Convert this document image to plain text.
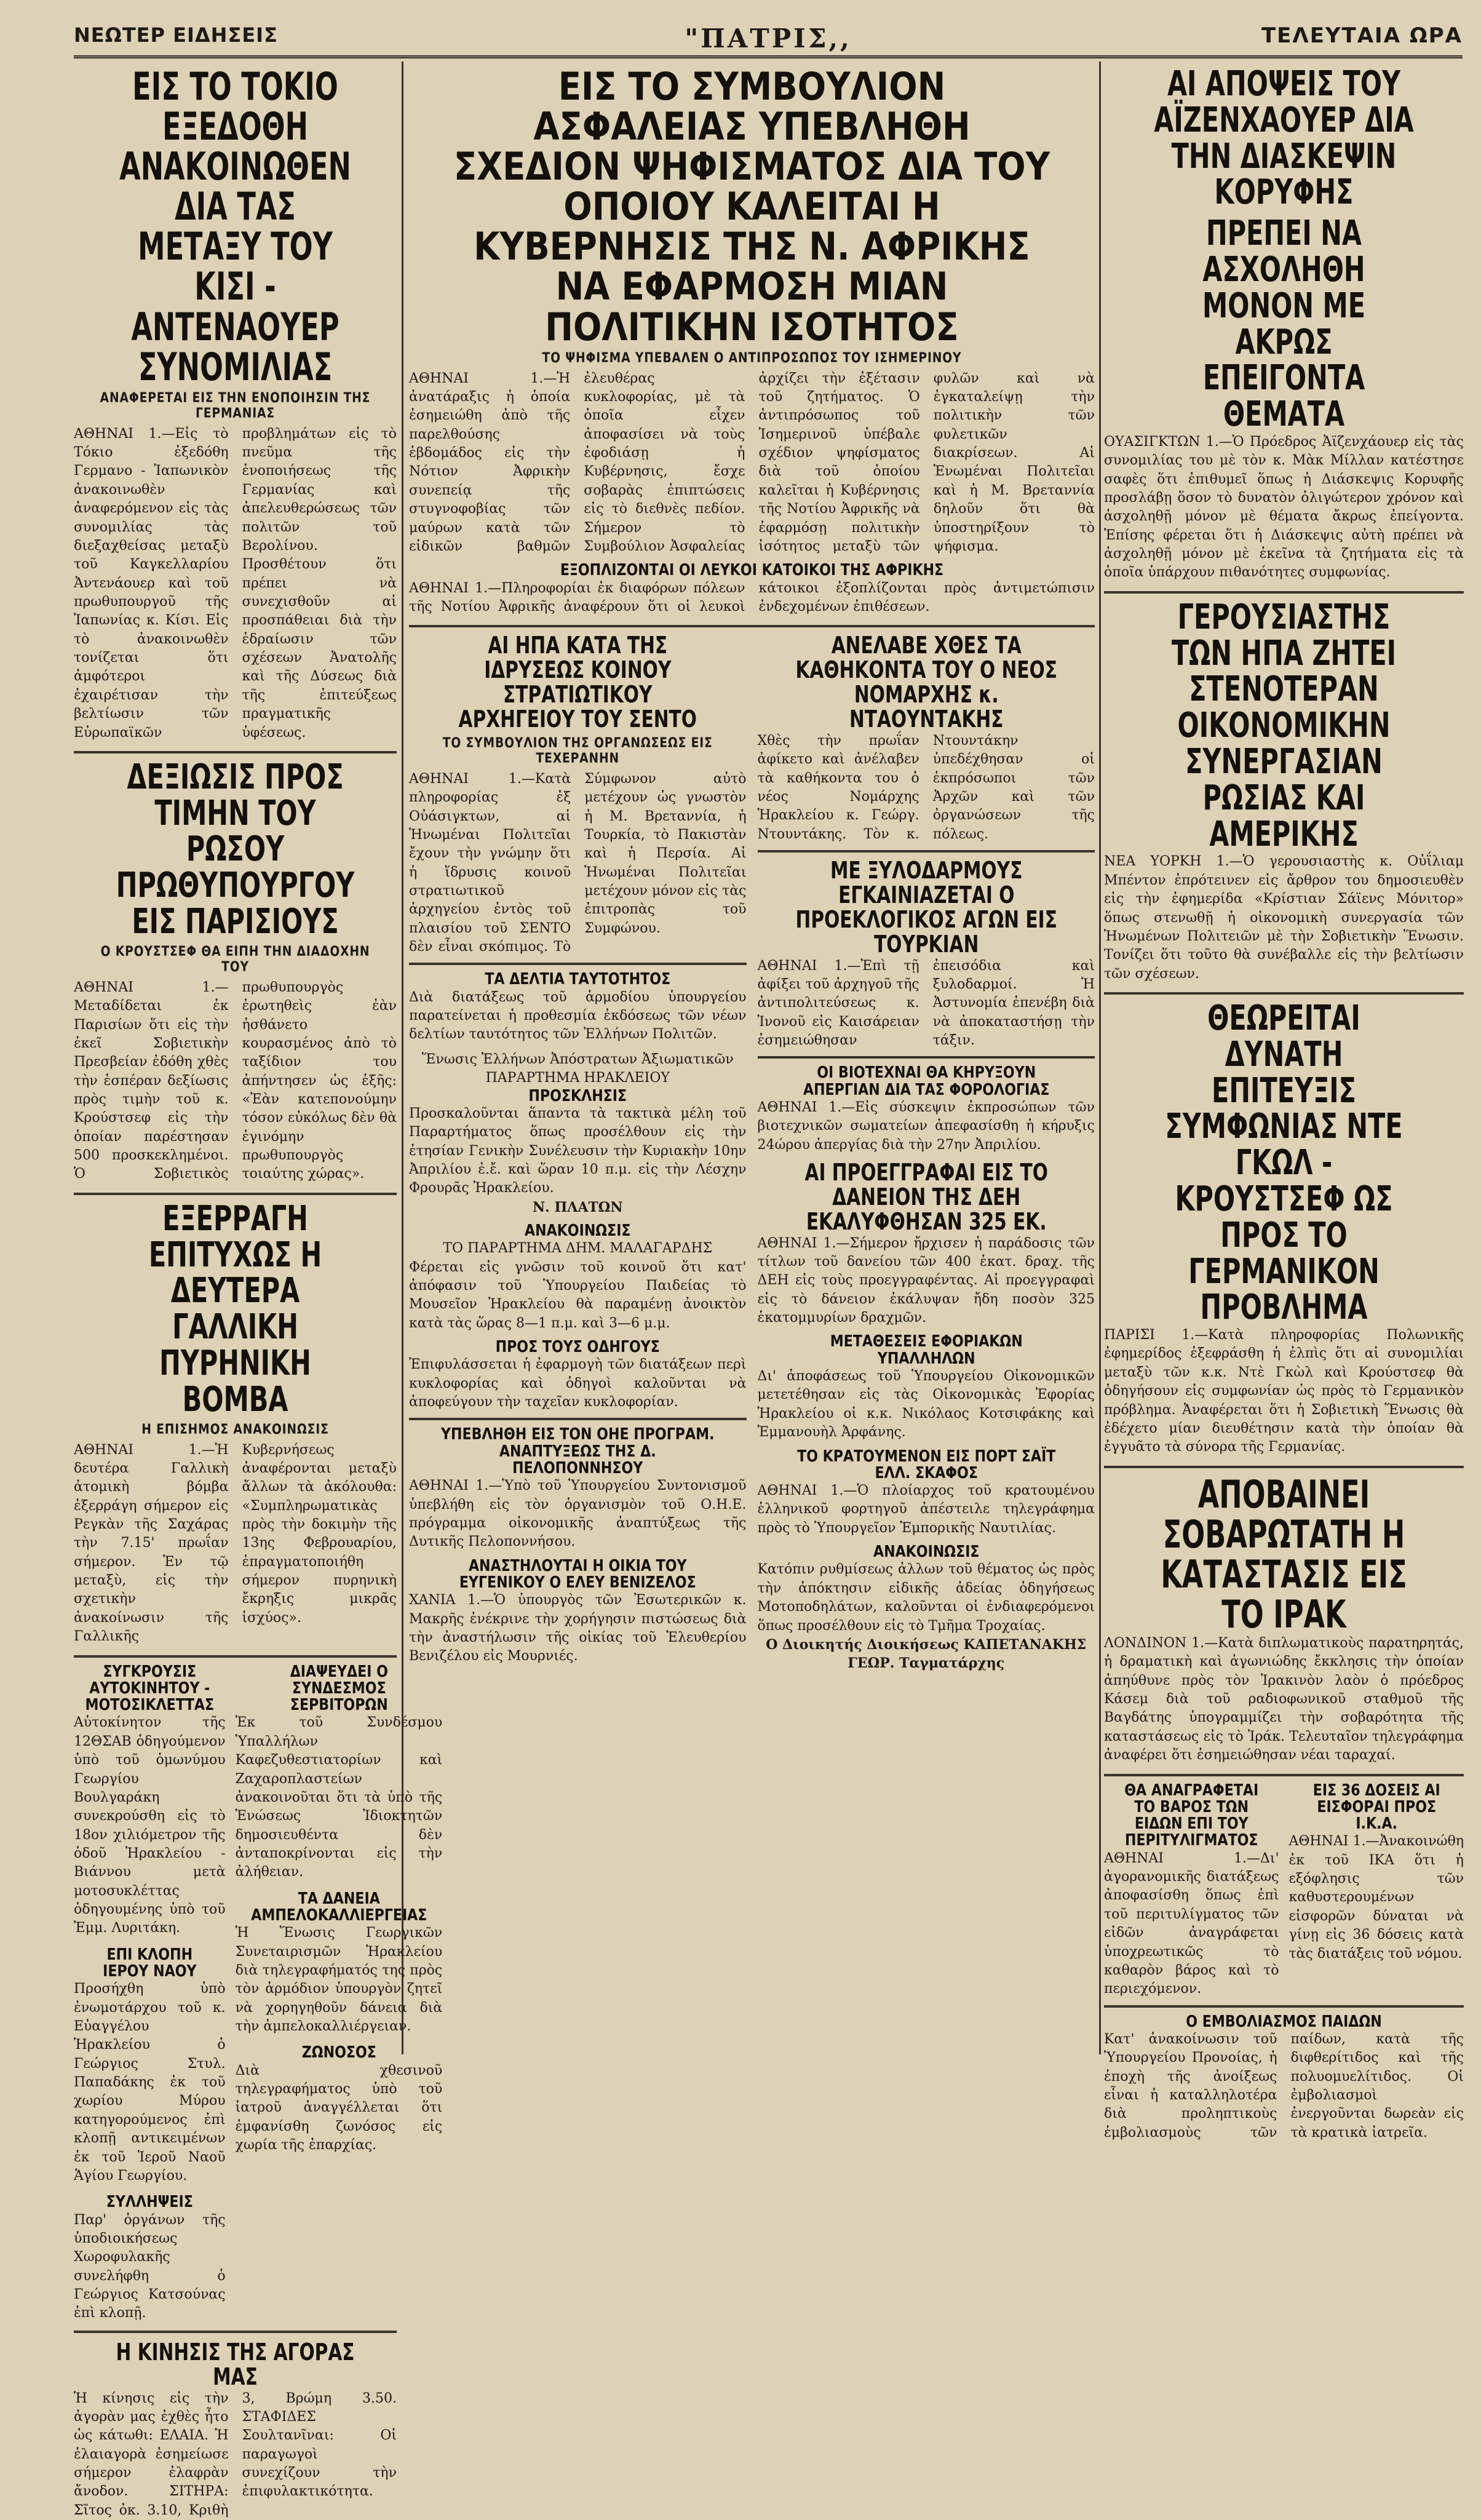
ΝΕΩΤΕΡ ΕΙΔΗΣΕΙΣ	"ΠΑΤΡΙΣ,,	ΤΕΛΕΥΤΑΙΑ ΩΡΑ

ΕΙΣ ΤΟ ΤΟΚΙΟ ΕΞΕΔΟΘΗ ΑΝΑΚΟΙΝΩΘΕΝ ΔΙΑ ΤΑΣ ΜΕΤΑΞΥ ΤΟΥ ΚΙΣΙ - ΑΝΤΕΝΑΟΥΕΡ ΣΥΝΟΜΙΛΙΑΣ

ΑΝΑΦΕΡΕΤΑΙ ΕΙΣ ΤΗΝ ΕΝΟΠΟΙΗΣΙΝ ΤΗΣ ΓΕΡΜΑΝΙΑΣ

ΑΘΗΝΑΙ 1.—Εἰς τὸ Τόκιο ἐξεδόθη Γερμανο - Ἰαπωνικὸν ἀνακοινωθὲν ἀναφερόμενον εἰς τὰς συνομιλίας τὰς διεξαχθείσας μεταξὺ τοῦ Καγκελλαρίου Ἀντενάουερ καὶ τοῦ πρωθυπουργοῦ τῆς Ἰαπωνίας κ. Κίσι. Εἰς τὸ ἀνακοινωθὲν τονίζεται ὅτι ἀμφότεροι ἐχαιρέτισαν τὴν βελτίωσιν τῶν Εὐρωπαϊκῶν προβλημάτων εἰς τὸ πνεῦμα τῆς ἑνοποιήσεως τῆς Γερμανίας καὶ ἀπελευθερώσεως τῶν πολιτῶν τοῦ Βερολίνου. Προσθέτουν ὅτι πρέπει νὰ συνεχισθοῦν αἱ προσπάθειαι διὰ τὴν ἑδραίωσιν τῶν σχέσεων Ἀνατολῆς καὶ τῆς Δύσεως διὰ τῆς ἐπιτεύξεως πραγματικῆς ὑφέσεως.

ΔΕΞΙΩΣΙΣ ΠΡΟΣ ΤΙΜΗΝ ΤΟΥ ΡΩΣΟΥ ΠΡΩΘΥΠΟΥΡΓΟΥ ΕΙΣ ΠΑΡΙΣΙΟΥΣ

Ο ΚΡΟΥΣΤΣΕΦ ΘΑ ΕΙΠΗ ΤΗΝ ΔΙΑΔΟΧΗΝ ΤΟΥ

ΑΘΗΝΑΙ 1.—Μεταδίδεται ἐκ Παρισίων ὅτι εἰς τὴν ἐκεῖ Σοβιετικὴν Πρεσβείαν ἐδόθη χθὲς τὴν ἑσπέραν δεξίωσις πρὸς τιμὴν τοῦ κ. Κρούστσεφ εἰς τὴν ὁποίαν παρέστησαν 500 προσκεκλημένοι. Ὁ Σοβιετικὸς πρωθυπουργὸς ἐρωτηθεὶς ἐὰν ἠσθάνετο κουρασμένος ἀπὸ τὸ ταξίδιον του ἀπήντησεν ὡς ἑξῆς: «Ἐὰν κατεπονούμην τόσον εὐκόλως δὲν θὰ ἐγινόμην πρωθυπουργὸς τοιαύτης χώρας».

ΕΞΕΡΡΑΓΗ ΕΠΙΤΥΧΩΣ Η ΔΕΥΤΕΡΑ ΓΑΛΛΙΚΗ ΠΥΡΗΝΙΚΗ ΒΟΜΒΑ

Η ΕΠΙΣΗΜΟΣ ΑΝΑΚΟΙΝΩΣΙΣ

ΑΘΗΝΑΙ 1.—Ἡ δευτέρα Γαλλικὴ ἀτομικὴ βόμβα ἐξερράγη σήμερον εἰς Ρεγκὰν τῆς Σαχάρας τὴν 7.15' πρωΐαν σήμερον. Ἐν τῷ μεταξὺ, εἰς τὴν σχετικὴν ἀνακοίνωσιν τῆς Γαλλικῆς Κυβερνήσεως ἀναφέρονται μεταξὺ ἄλλων τὰ ἀκόλουθα: «Συμπληρωματικὰς πρὸς τὴν δοκιμὴν τῆς 13ης Φεβρουαρίου, ἐπραγματοποιήθη σήμερον πυρηνικὴ ἔκρηξις μικρᾶς ἰσχύος».

ΣΥΓΚΡΟΥΣΙΣ ΑΥΤΟΚΙΝΗΤΟΥ - ΜΟΤΟΣΙΚΛΕΤΤΑΣ

Αὐτοκίνητον τῆς 12ΘΣΑΒ ὁδηγούμενον ὑπὸ τοῦ ὁμωνύμου Γεωργίου Βουλγαράκη συνεκρούσθη εἰς τὸ 18ον χιλιόμετρον τῆς ὁδοῦ Ἡρακλείου - Βιάννου μετὰ μοτοσυκλέττας ὁδηγουμένης ὑπὸ τοῦ Ἐμμ. Λυριτάκη.

ΕΠΙ ΚΛΟΠΗ ΙΕΡΟΥ ΝΑΟΥ

Προσήχθη ὑπὸ ἐνωμοτάρχου τοῦ κ. Εὐαγγέλου Ἡρακλείου ὁ Γεώργιος Στυλ. Παπαδάκης ἐκ τοῦ χωρίου Μύρου κατηγορούμενος ἐπὶ κλοπῇ αντικειμένων ἐκ τοῦ Ἱεροῦ Ναοῦ Ἁγίου Γεωργίου.

ΣΥΛΛΗΨΕΙΣ

Παρ' ὀργάνων τῆς ὑποδιοικήσεως Χωροφυλακῆς συνελήφθη ὁ Γεώργιος Κατσούνας ἐπὶ κλοπῇ.

ΔΙΑΨΕΥΔΕΙ Ο ΣΥΝΔΕΣΜΟΣ ΣΕΡΒΙΤΟΡΩΝ

Ἐκ τοῦ Συνδέσμου Ὑπαλλήλων Καφεζυθεστιατορίων καὶ Ζαχαροπλαστείων ἀνακοινοῦται ὅτι τὰ ὑπὸ τῆς Ἑνώσεως Ἱδιοκτητῶν δημοσιευθέντα δὲν ἀνταποκρίνονται εἰς τὴν ἀλήθειαν.

ΤΑ ΔΑΝΕΙΑ ΑΜΠΕΛΟΚΑΛΛΙΕΡΓΕΙΑΣ

Ἡ Ἕνωσις Γεωργικῶν Συνεταιρισμῶν Ἡρακλείου διὰ τηλεγραφήματός της πρὸς τὸν ἁρμόδιον ὑπουργὸν ζητεῖ νὰ χορηγηθοῦν δάνεια διὰ τὴν ἀμπελοκαλλιέργειαν.

ΖΩΝΟΣΟΣ

Διὰ χθεσινοῦ τηλεγραφήματος ὑπὸ τοῦ ἰατροῦ ἀναγγέλλεται ὅτι ἐμφανίσθη ζωνόσος εἰς χωρία τῆς ἐπαρχίας.

Η ΚΙΝΗΣΙΣ ΤΗΣ ΑΓΟΡΑΣ ΜΑΣ

Ἡ κίνησις εἰς τὴν ἀγορὰν μας ἐχθὲς ἦτο ὡς κάτωθι: ΕΛΑΙΑ. Ἡ ἐλαιαγορὰ ἐσημείωσε σήμερον ἐλαφρὰν ἄνοδον. ΣΙΤΗΡΑ: Σῖτος ὀκ. 3.10, Κριθὴ 3, Βρώμη 3.50. ΣΤΑΦΙΔΕΣ Σουλτανῖναι: Οἱ παραγωγοὶ συνεχίζουν τὴν ἐπιφυλακτικότητα.

ΕΙΣ ΤΟ ΣΥΜΒΟΥΛΙΟΝ ΑΣΦΑΛΕΙΑΣ ΥΠΕΒΛΗΘΗ ΣΧΕΔΙΟΝ ΨΗΦΙΣΜΑΤΟΣ ΔΙΑ ΤΟΥ ΟΠΟΙΟΥ ΚΑΛΕΙΤΑΙ Η ΚΥΒΕΡΝΗΣΙΣ ΤΗΣ Ν. ΑΦΡΙΚΗΣ ΝΑ ΕΦΑΡΜΟΣΗ ΜΙΑΝ ΠΟΛΙΤΙΚΗΝ ΙΣΟΤΗΤΟΣ

ΤΟ ΨΗΦΙΣΜΑ ΥΠΕΒΑΛΕΝ Ο ΑΝΤΙΠΡΟΣΩΠΟΣ ΤΟΥ ΙΣΗΜΕΡΙΝΟΥ

ΑΘΗΝΑΙ 1.—Ἡ ἀνατάραξις ἡ ὁποία ἐσημειώθη ἀπὸ τῆς παρελθούσης ἑβδομάδος εἰς τὴν Νότιον Ἀφρικὴν συνεπείᾳ τῆς στυγνοφοβίας τῶν μαύρων κατὰ τῶν εἰδικῶν βαθμῶν ἐλευθέρας κυκλοφορίας, μὲ τὰ ὁποῖα εἶχεν ἀποφασίσει νὰ τοὺς ἐφοδιάσῃ ἡ Κυβέρνησις, ἔσχε σοβαρὰς ἐπιπτώσεις εἰς τὸ διεθνὲς πεδίον. Σήμερον τὸ Συμβούλιον Ἀσφαλείας ἀρχίζει τὴν ἐξέτασιν τοῦ ζητήματος. Ὁ ἀντιπρόσωπος τοῦ Ἰσημερινοῦ ὑπέβαλε σχέδιον ψηφίσματος διὰ τοῦ ὁποίου καλεῖται ἡ Κυβέρνησις τῆς Νοτίου Ἀφρικῆς νὰ ἐφαρμόσῃ πολιτικὴν ἰσότητος μεταξὺ τῶν φυλῶν καὶ νὰ ἐγκαταλείψῃ τὴν πολιτικὴν τῶν φυλετικῶν διακρίσεων. Αἱ Ἑνωμέναι Πολιτεῖαι καὶ ἡ Μ. Βρεταννία δηλοῦν ὅτι θὰ ὑποστηρίξουν τὸ ψήφισμα.

ΕΞΟΠΛΙΖΟΝΤΑΙ ΟΙ ΛΕΥΚΟΙ ΚΑΤΟΙΚΟΙ ΤΗΣ ΑΦΡΙΚΗΣ

ΑΘΗΝΑΙ 1.—Πληροφορίαι ἐκ διαφόρων πόλεων τῆς Νοτίου Ἀφρικῆς ἀναφέρουν ὅτι οἱ λευκοὶ κάτοικοι ἐξοπλίζονται πρὸς ἀντιμετώπισιν ἐνδεχομένων ἐπιθέσεων.

ΑΙ ΗΠΑ ΚΑΤΑ ΤΗΣ ΙΔΡΥΣΕΩΣ ΚΟΙΝΟΥ ΣΤΡΑΤΙΩΤΙΚΟΥ ΑΡΧΗΓΕΙΟΥ ΤΟΥ ΣΕΝΤΟ

ΤΟ ΣΥΜΒΟΥΛΙΟΝ ΤΗΣ ΟΡΓΑΝΩΣΕΩΣ ΕΙΣ ΤΕΧΕΡΑΝΗΝ

ΑΘΗΝΑΙ 1.—Κατὰ πληροφορίας ἐξ Οὐάσιγκτων, αἱ Ἡνωμέναι Πολιτεῖαι ἔχουν τὴν γνώμην ὅτι ἡ ἵδρυσις κοινοῦ στρατιωτικοῦ ἀρχηγείου ἐντὸς τοῦ πλαισίου τοῦ ΣΕΝΤΟ δὲν εἶναι σκόπιμος. Τὸ Σύμφωνον αὐτὸ μετέχουν ὡς γνωστὸν ἡ Μ. Βρεταννία, ἡ Τουρκία, τὸ Πακιστὰν καὶ ἡ Περσία. Αἱ Ἡνωμέναι Πολιτεῖαι μετέχουν μόνον εἰς τὰς ἐπιτροπὰς τοῦ Συμφώνου.

ΤΑ ΔΕΛΤΙΑ ΤΑΥΤΟΤΗΤΟΣ

Διὰ διατάξεως τοῦ ἁρμοδίου ὑπουργείου παρατείνεται ἡ προθεσμία ἐκδόσεως τῶν νέων δελτίων ταυτότητος τῶν Ἑλλήνων Πολιτῶν.

Ἕνωσις Ἑλλήνων Ἀπόστρατων Ἀξιωματικῶν ΠΑΡΑΡΤΗΜΑ ΗΡΑΚΛΕΙΟΥ

ΠΡΟΣΚΛΗΣΙΣ

Προσκαλοῦνται ἅπαντα τὰ τακτικὰ μέλη τοῦ Παραρτήματος ὅπως προσέλθουν εἰς τὴν ἐτησίαν Γενικὴν Συνέλευσιν τὴν Κυριακὴν 10ην Ἀπριλίου ἐ.ἔ. καὶ ὥραν 10 π.μ. εἰς τὴν Λέσχην Φρουρᾶς Ἡρακλείου.

Ν. ΠΛΑΤΩΝ

ΑΝΑΚΟΙΝΩΣΙΣ

ΤΟ ΠΑΡΑΡΤΗΜΑ ΔΗΜ. ΜΑΛΑΓΑΡΔΗΣ

Φέρεται εἰς γνῶσιν τοῦ κοινοῦ ὅτι κατ' ἀπόφασιν τοῦ Ὑπουργείου Παιδείας τὸ Μουσεῖον Ἡρακλείου θὰ παραμένῃ ἀνοικτὸν κατὰ τὰς ὥρας 8—1 π.μ. καὶ 3—6 μ.μ.

ΠΡΟΣ ΤΟΥΣ ΟΔΗΓΟΥΣ

Ἐπιφυλάσσεται ἡ ἐφαρμογὴ τῶν διατάξεων περὶ κυκλοφορίας καὶ ὁδηγοὶ καλοῦνται νὰ ἀποφεύγουν τὴν ταχεῖαν κυκλοφορίαν.

ΥΠΕΒΛΗΘΗ ΕΙΣ ΤΟΝ ΟΗΕ ΠΡΟΓΡΑΜ. ΑΝΑΠΤΥΞΕΩΣ ΤΗΣ Δ. ΠΕΛΟΠΟΝΝΗΣΟΥ

ΑΘΗΝΑΙ 1.—Ὑπὸ τοῦ Ὑπουργείου Συντονισμοῦ ὑπεβλήθη εἰς τὸν ὀργανισμὸν τοῦ Ο.Η.Ε. πρόγραμμα οἰκονομικῆς ἀναπτύξεως τῆς Δυτικῆς Πελοποννήσου.

ΑΝΑΣΤΗΛΟΥΤΑΙ Η ΟΙΚΙΑ ΤΟΥ ΕΥΓΕΝΙΚΟΥ Ο ΕΛΕΥ ΒΕΝΙΖΕΛΟΣ

ΧΑΝΙΑ 1.—Ὁ ὑπουργὸς τῶν Ἐσωτερικῶν κ. Μακρῆς ἐνέκρινε τὴν χορήγησιν πιστώσεως διὰ τὴν ἀναστήλωσιν τῆς οἰκίας τοῦ Ἐλευθερίου Βενιζέλου εἰς Μουρνιές.

ΑΝΕΛΑΒΕ ΧΘΕΣ ΤΑ ΚΑΘΗΚΟΝΤΑ ΤΟΥ Ο ΝΕΟΣ ΝΟΜΑΡΧΗΣ κ. ΝΤΑΟΥΝΤΑΚΗΣ

Χθὲς τὴν πρωΐαν ἀφίκετο καὶ ἀνέλαβεν τὰ καθήκοντα του ὁ νέος Νομάρχης Ἡρακλείου κ. Γεώργ. Ντουντάκης. Τὸν κ. Ντουντάκην ὑπεδέχθησαν οἱ ἐκπρόσωποι τῶν Ἀρχῶν καὶ τῶν ὀργανώσεων τῆς πόλεως.

ΜΕ ΞΥΛΟΔΑΡΜΟΥΣ ΕΓΚΑΙΝΙΑΖΕΤΑΙ Ο ΠΡΟΕΚΛΟΓΙΚΟΣ ΑΓΩΝ ΕΙΣ ΤΟΥΡΚΙΑΝ

ΑΘΗΝΑΙ 1.—Ἐπὶ τῇ ἀφίξει τοῦ ἀρχηγοῦ τῆς ἀντιπολιτεύσεως κ. Ἰνονοῦ εἰς Καισάρειαν ἐσημειώθησαν ἐπεισόδια καὶ ξυλοδαρμοί. Ἡ Ἀστυνομία ἐπενέβη διὰ νὰ ἀποκαταστήσῃ τὴν τάξιν.

ΟΙ ΒΙΟΤΕΧΝΑΙ ΘΑ ΚΗΡΥΞΟΥΝ ΑΠΕΡΓΙΑΝ ΔΙΑ ΤΑΣ ΦΟΡΟΛΟΓΙΑΣ

ΑΘΗΝΑΙ 1.—Εἰς σύσκεψιν ἐκπροσώπων τῶν βιοτεχνικῶν σωματείων ἀπεφασίσθη ἡ κήρυξις 24ώρου ἀπεργίας διὰ τὴν 27ην Ἀπριλίου.

ΑΙ ΠΡΟΕΓΓΡΑΦΑΙ ΕΙΣ ΤΟ ΔΑΝΕΙΟΝ ΤΗΣ ΔΕΗ ΕΚΑΛΥΦΘΗΣΑΝ 325 ΕΚ.

ΑΘΗΝΑΙ 1.—Σήμερον ἤρχισεν ἡ παράδοσις τῶν τίτλων τοῦ δανείου τῶν 400 ἑκατ. δραχ. τῆς ΔΕΗ εἰς τοὺς προεγγραφέντας. Αἱ προεγγραφαὶ εἰς τὸ δάνειον ἐκάλυψαν ἤδη ποσὸν 325 ἑκατομμυρίων δραχμῶν.

ΜΕΤΑΘΕΣΕΙΣ ΕΦΟΡΙΑΚΩΝ ΥΠΑΛΛΗΛΩΝ

Δι' ἀποφάσεως τοῦ Ὑπουργείου Οἰκονομικῶν μετετέθησαν εἰς τὰς Οἰκονομικὰς Ἐφορίας Ἡρακλείου οἱ κ.κ. Νικόλαος Κοτσιφάκης καὶ Ἐμμανουὴλ Ἀρφάνης.

ΤΟ ΚΡΑΤΟΥΜΕΝΟΝ ΕΙΣ ΠΟΡΤ ΣΑΪΤ ΕΛΛ. ΣΚΑΦΟΣ

ΑΘΗΝΑΙ 1.—Ὁ πλοίαρχος τοῦ κρατουμένου ἑλληνικοῦ φορτηγοῦ ἀπέστειλε τηλεγράφημα πρὸς τὸ Ὑπουργεῖον Ἐμπορικῆς Ναυτιλίας.

ΑΝΑΚΟΙΝΩΣΙΣ

Κατόπιν ρυθμίσεως ἀλλων τοῦ θέματος ὡς πρὸς τὴν ἀπόκτησιν εἰδικῆς ἀδείας ὁδηγήσεως Μοτοποδηλάτων, καλοῦνται οἱ ἐνδιαφερόμενοι ὅπως προσέλθουν εἰς τὸ Τμῆμα Τροχαίας.

Ο Διοικητής Διοικήσεως ΚΑΠΕΤΑΝΑΚΗΣ ΓΕΩΡ. Ταγματάρχης

ΑΙ ΑΠΟΨΕΙΣ ΤΟΥ ΑΪΖΕΝΧΑΟΥΕΡ ΔΙΑ ΤΗΝ ΔΙΑΣΚΕΨΙΝ ΚΟΡΥΦΗΣ

ΠΡΕΠΕΙ ΝΑ ΑΣΧΟΛΗΘΗ ΜΟΝΟΝ ΜΕ ΑΚΡΩΣ ΕΠΕΙΓΟΝΤΑ ΘΕΜΑΤΑ

ΟΥΑΣΙΓΚΤΩΝ 1.—Ὁ Πρόεδρος Ἀϊζενχάουερ εἰς τὰς συνομιλίας του μὲ τὸν κ. Μὰκ Μίλλαν κατέστησε σαφὲς ὅτι ἐπιθυμεῖ ὅπως ἡ Διάσκεψις Κορυφῆς προσλάβῃ ὅσον τὸ δυνατὸν ὀλιγώτερον χρόνον καὶ ἀσχοληθῇ μόνον μὲ θέματα ἄκρως ἐπείγοντα. Ἐπίσης φέρεται ὅτι ἡ Διάσκεψις αὐτὴ πρέπει νὰ ἀσχοληθῇ μόνον μὲ ἐκεῖνα τὰ ζητήματα εἰς τὰ ὁποῖα ὑπάρχουν πιθανότητες συμφωνίας.

ΓΕΡΟΥΣΙΑΣΤΗΣ ΤΩΝ ΗΠΑ ΖΗΤΕΙ ΣΤΕΝΟΤΕΡΑΝ ΟΙΚΟΝΟΜΙΚΗΝ ΣΥΝΕΡΓΑΣΙΑΝ ΡΩΣΙΑΣ ΚΑΙ ΑΜΕΡΙΚΗΣ

ΝΕΑ ΥΟΡΚΗ 1.—Ὁ γερουσιαστὴς κ. Οὐΐλιαμ Μπέντον ἐπρότεινεν εἰς ἄρθρον του δημοσιευθὲν εἰς τὴν ἐφημερίδα «Κρίστιαν Σάϊενς Μόνιτορ» ὅπως στενωθῇ ἡ οἰκονομικὴ συνεργασία τῶν Ἡνωμένων Πολιτειῶν μὲ τὴν Σοβιετικὴν Ἕνωσιν. Τονίζει ὅτι τοῦτο θὰ συνέβαλλε εἰς τὴν βελτίωσιν τῶν σχέσεων.

ΘΕΩΡΕΙΤΑΙ ΔΥΝΑΤΗ ΕΠΙΤΕΥΞΙΣ ΣΥΜΦΩΝΙΑΣ ΝΤΕ ΓΚΩΛ - ΚΡΟΥΣΤΣΕΦ ΩΣ ΠΡΟΣ ΤΟ ΓΕΡΜΑΝΙΚΟΝ ΠΡΟΒΛΗΜΑ

ΠΑΡΙΣΙ 1.—Κατὰ πληροφορίας Πολωνικῆς ἐφημερίδος ἐξεφράσθη ἡ ἐλπὶς ὅτι αἱ συνομιλίαι μεταξὺ τῶν κ.κ. Ντὲ Γκὼλ καὶ Κρούστσεφ θὰ ὁδηγήσουν εἰς συμφωνίαν ὡς πρὸς τὸ Γερμανικὸν πρόβλημα. Ἀναφέρεται ὅτι ἡ Σοβιετικὴ Ἕνωσις θὰ ἐδέχετο μίαν διευθέτησιν κατὰ τὴν ὁποίαν θὰ ἐγγυᾶτο τὰ σύνορα τῆς Γερμανίας.

ΑΠΟΒΑΙΝΕΙ ΣΟΒΑΡΩΤΑΤΗ Η ΚΑΤΑΣΤΑΣΙΣ ΕΙΣ ΤΟ ΙΡΑΚ

ΛΟΝΔΙΝΟΝ 1.—Κατὰ διπλωματικοὺς παρατηρητάς, ἡ δραματικὴ καὶ ἀγωνιώδης ἔκκλησις τὴν ὁποίαν ἀπηύθυνε πρὸς τὸν Ἰρακινὸν λαὸν ὁ πρόεδρος Κάσεμ διὰ τοῦ ραδιοφωνικοῦ σταθμοῦ τῆς Βαγδάτης ὑπογραμμίζει τὴν σοβαρότητα τῆς καταστάσεως εἰς τὸ Ἰράκ. Τελευταῖον τηλεγράφημα ἀναφέρει ὅτι ἐσημειώθησαν νέαι ταραχαί.

ΘΑ ΑΝΑΓΡΑΦΕΤΑΙ ΤΟ ΒΑΡΟΣ ΤΩΝ ΕΙΔΩΝ ΕΠΙ ΤΟΥ ΠΕΡΙΤΥΛΙΓΜΑΤΟΣ

ΑΘΗΝΑΙ 1.—Δι' ἀγορανομικῆς διατάξεως ἀποφασίσθη ὅπως ἐπὶ τοῦ περιτυλίγματος τῶν εἰδῶν ἀναγράφεται ὑποχρεωτικῶς τὸ καθαρὸν βάρος καὶ τὸ περιεχόμενον.

ΕΙΣ 36 ΔΟΣΕΙΣ ΑΙ ΕΙΣΦΟΡΑΙ ΠΡΟΣ Ι.Κ.Α.

ΑΘΗΝΑΙ 1.—Ἀνακοινώθη ἐκ τοῦ ΙΚΑ ὅτι ἡ εξόφλησις τῶν καθυστερουμένων εἰσφορῶν δύναται νὰ γίνῃ εἰς 36 δόσεις κατὰ τὰς διατάξεις τοῦ νόμου.

Ο ΕΜΒΟΛΙΑΣΜΟΣ ΠΑΙΔΩΝ

Κατ' ἀνακοίνωσιν τοῦ Ὑπουργείου Προνοίας, ἡ ἐποχὴ τῆς ἀνοίξεως εἶναι ἡ καταλληλοτέρα διὰ προληπτικοὺς ἐμβολιασμοὺς τῶν παίδων, κατὰ τῆς διφθερίτιδος καὶ τῆς πολυομυελίτιδος. Οἱ ἐμβολιασμοὶ ἐνεργοῦνται δωρεὰν εἰς τὰ κρατικὰ ἰατρεῖα.
